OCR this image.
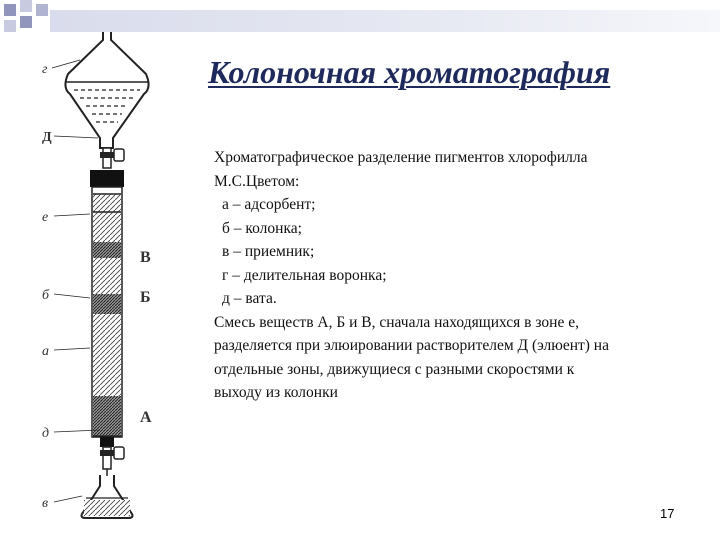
Колоночная хроматография
г
Д
е
В
б	Б
а
А
д
в
Хроматографическое разделение пигментов хлорофилла
М.С.Цветом:
а – адсорбент;
б – колонка;
в – приемник;
г – делительная воронка;
д – вата.
Смесь веществ А, Б и В, сначала находящихся в зоне е,
разделяется при элюировании растворителем Д (элюент) на
отдельные зоны, движущиеся с разными скоростями к
выходу из колонки
17
